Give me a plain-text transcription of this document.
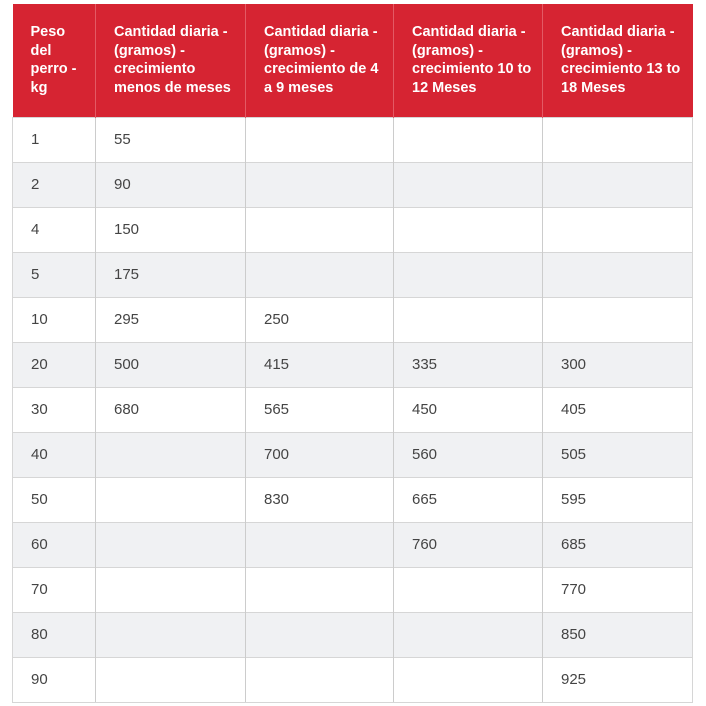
Peso del perro - kg	Cantidad diaria - (gramos) - crecimiento menos de meses	Cantidad diaria - (gramos) - crecimiento de 4 a 9 meses	Cantidad diaria - (gramos) - crecimiento 10 to 12 Meses	Cantidad diaria - (gramos) - crecimiento 13 to 18 Meses
1	55			
2	90			
4	150			
5	175			
10	295	250		
20	500	415	335	300
30	680	565	450	405
40		700	560	505
50		830	665	595
60			760	685
70				770
80				850
90				925
